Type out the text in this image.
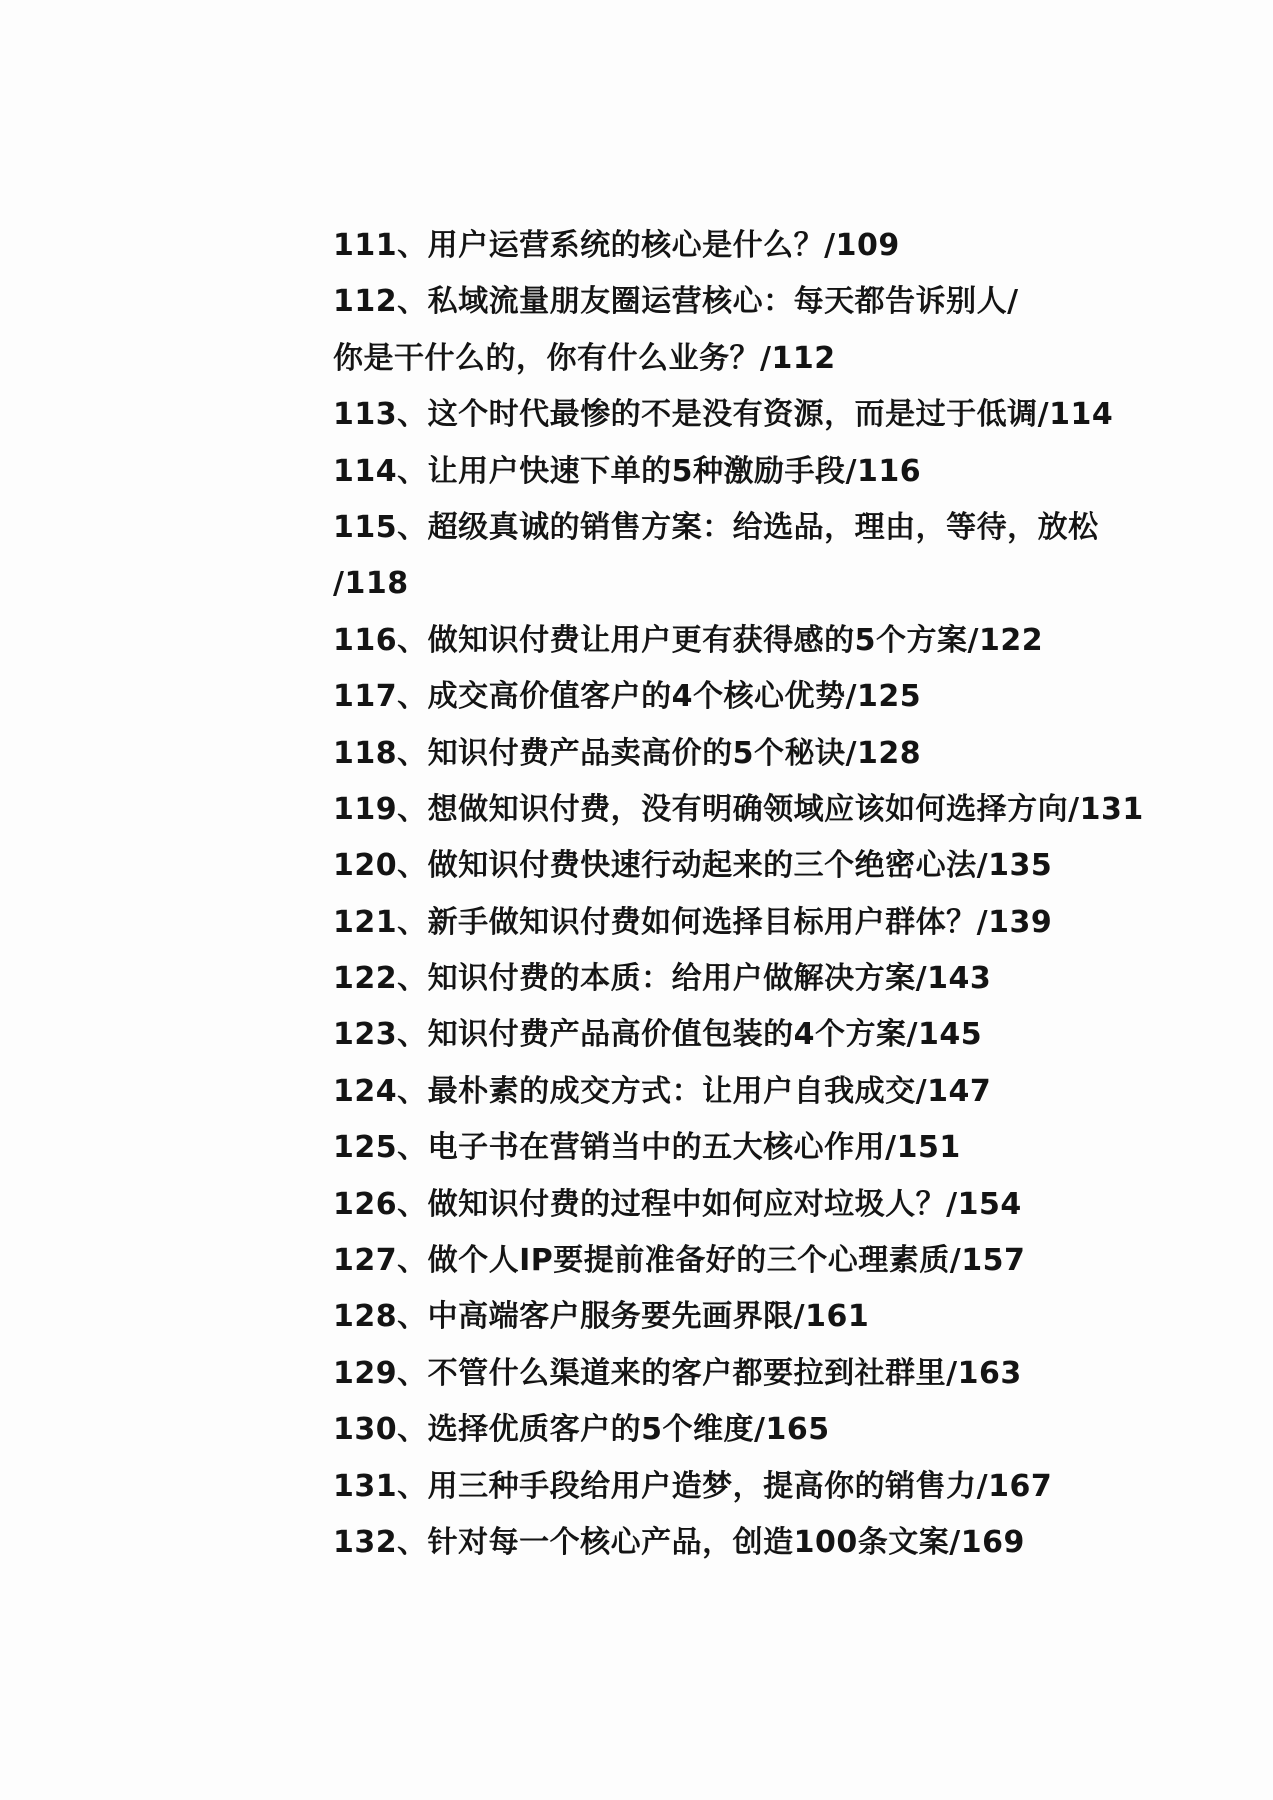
111、用户运营系统的核心是什么？/109
112、私域流量朋友圈运营核心：每天都告诉别人/
你是干什么的，你有什么业务？/112
113、这个时代最惨的不是没有资源，而是过于低调/114
114、让用户快速下单的5种激励手段/116
115、超级真诚的销售方案：给选品，理由，等待，放松
/118
116、做知识付费让用户更有获得感的5个方案/122
117、成交高价值客户的4个核心优势/125
118、知识付费产品卖高价的5个秘诀/128
119、想做知识付费，没有明确领域应该如何选择方向/131
120、做知识付费快速行动起来的三个绝密心法/135
121、新手做知识付费如何选择目标用户群体？/139
122、知识付费的本质：给用户做解决方案/143
123、知识付费产品高价值包装的4个方案/145
124、最朴素的成交方式：让用户自我成交/147
125、电子书在营销当中的五大核心作用/151
126、做知识付费的过程中如何应对垃圾人？/154
127、做个人IP要提前准备好的三个心理素质/157
128、中高端客户服务要先画界限/161
129、不管什么渠道来的客户都要拉到社群里/163
130、选择优质客户的5个维度/165
131、用三种手段给用户造梦，提高你的销售力/167
132、针对每一个核心产品，创造100条文案/169
